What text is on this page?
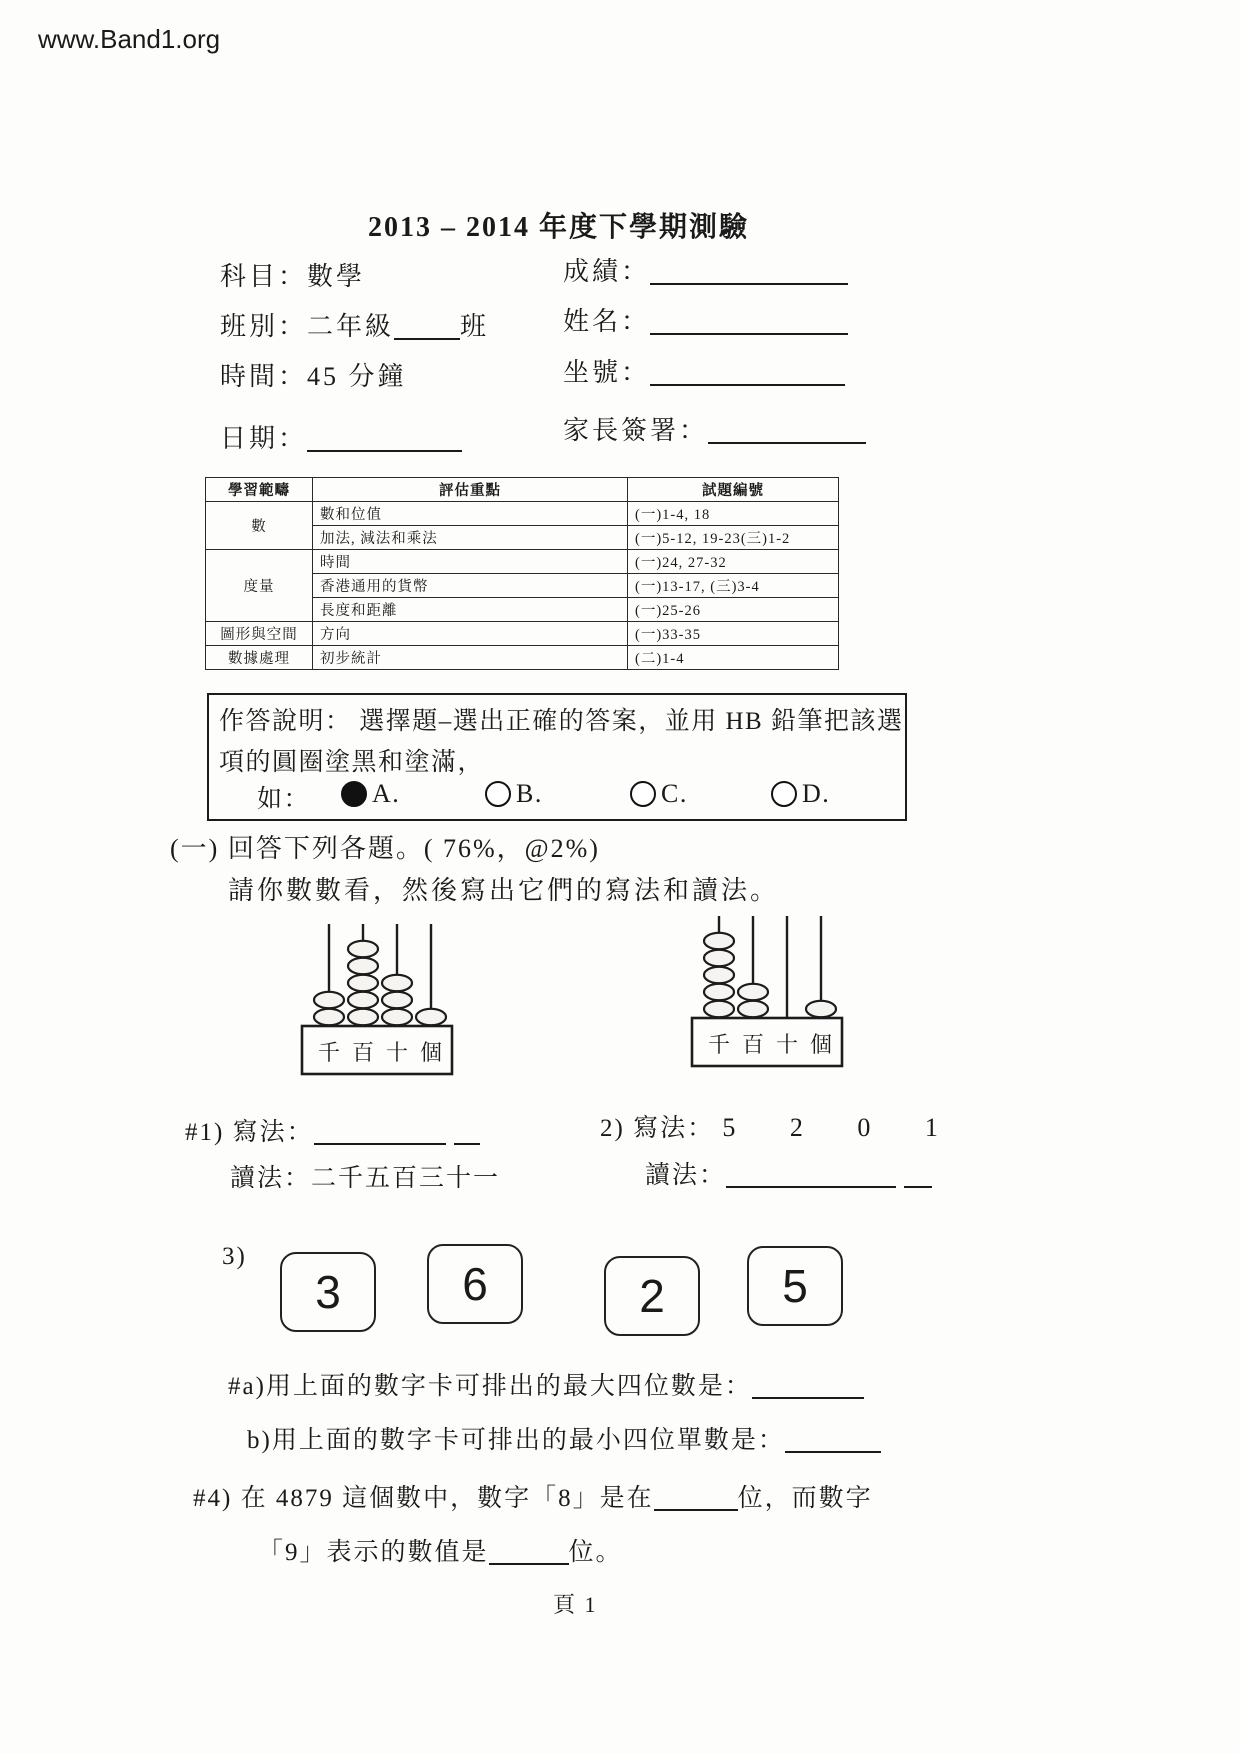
www.Band1.org
2013 – 2014 年度下學期測驗
科目：數學
班別：二年級	班
時間：45 分鐘
日期：
成績：
姓名：
坐號：
家長簽署：
學習範疇	評估重點	試題編號
數	數和位值	(一)1-4, 18
	加法, 減法和乘法	(一)5-12, 19-23(三)1-2
度量	時間	(一)24, 27-32
	香港通用的貨幣	(一)13-17, (三)3-4
	長度和距離	(一)25-26
圖形與空間	方向	(一)33-35
數據處理	初步統計	(二)1-4
作答說明： 選擇題–選出正確的答案，並用 HB 鉛筆把該選
項的圓圈塗黑和塗滿，
如：	A.	B.	C.	D.
(一) 回答下列各題。( 76%，@2%)
請你數數看，然後寫出它們的寫法和讀法。
千 百 十 個	千 百 十 個
#1) 寫法：
讀法：二千五百三十一
2) 寫法： 5 2 0 1
讀法：
3)
3	6	2	5
#a)用上面的數字卡可排出的最大四位數是：
b)用上面的數字卡可排出的最小四位單數是：
#4) 在 4879 這個數中，數字「8」是在	位，而數字
「9」表示的數值是	位。
頁 1
